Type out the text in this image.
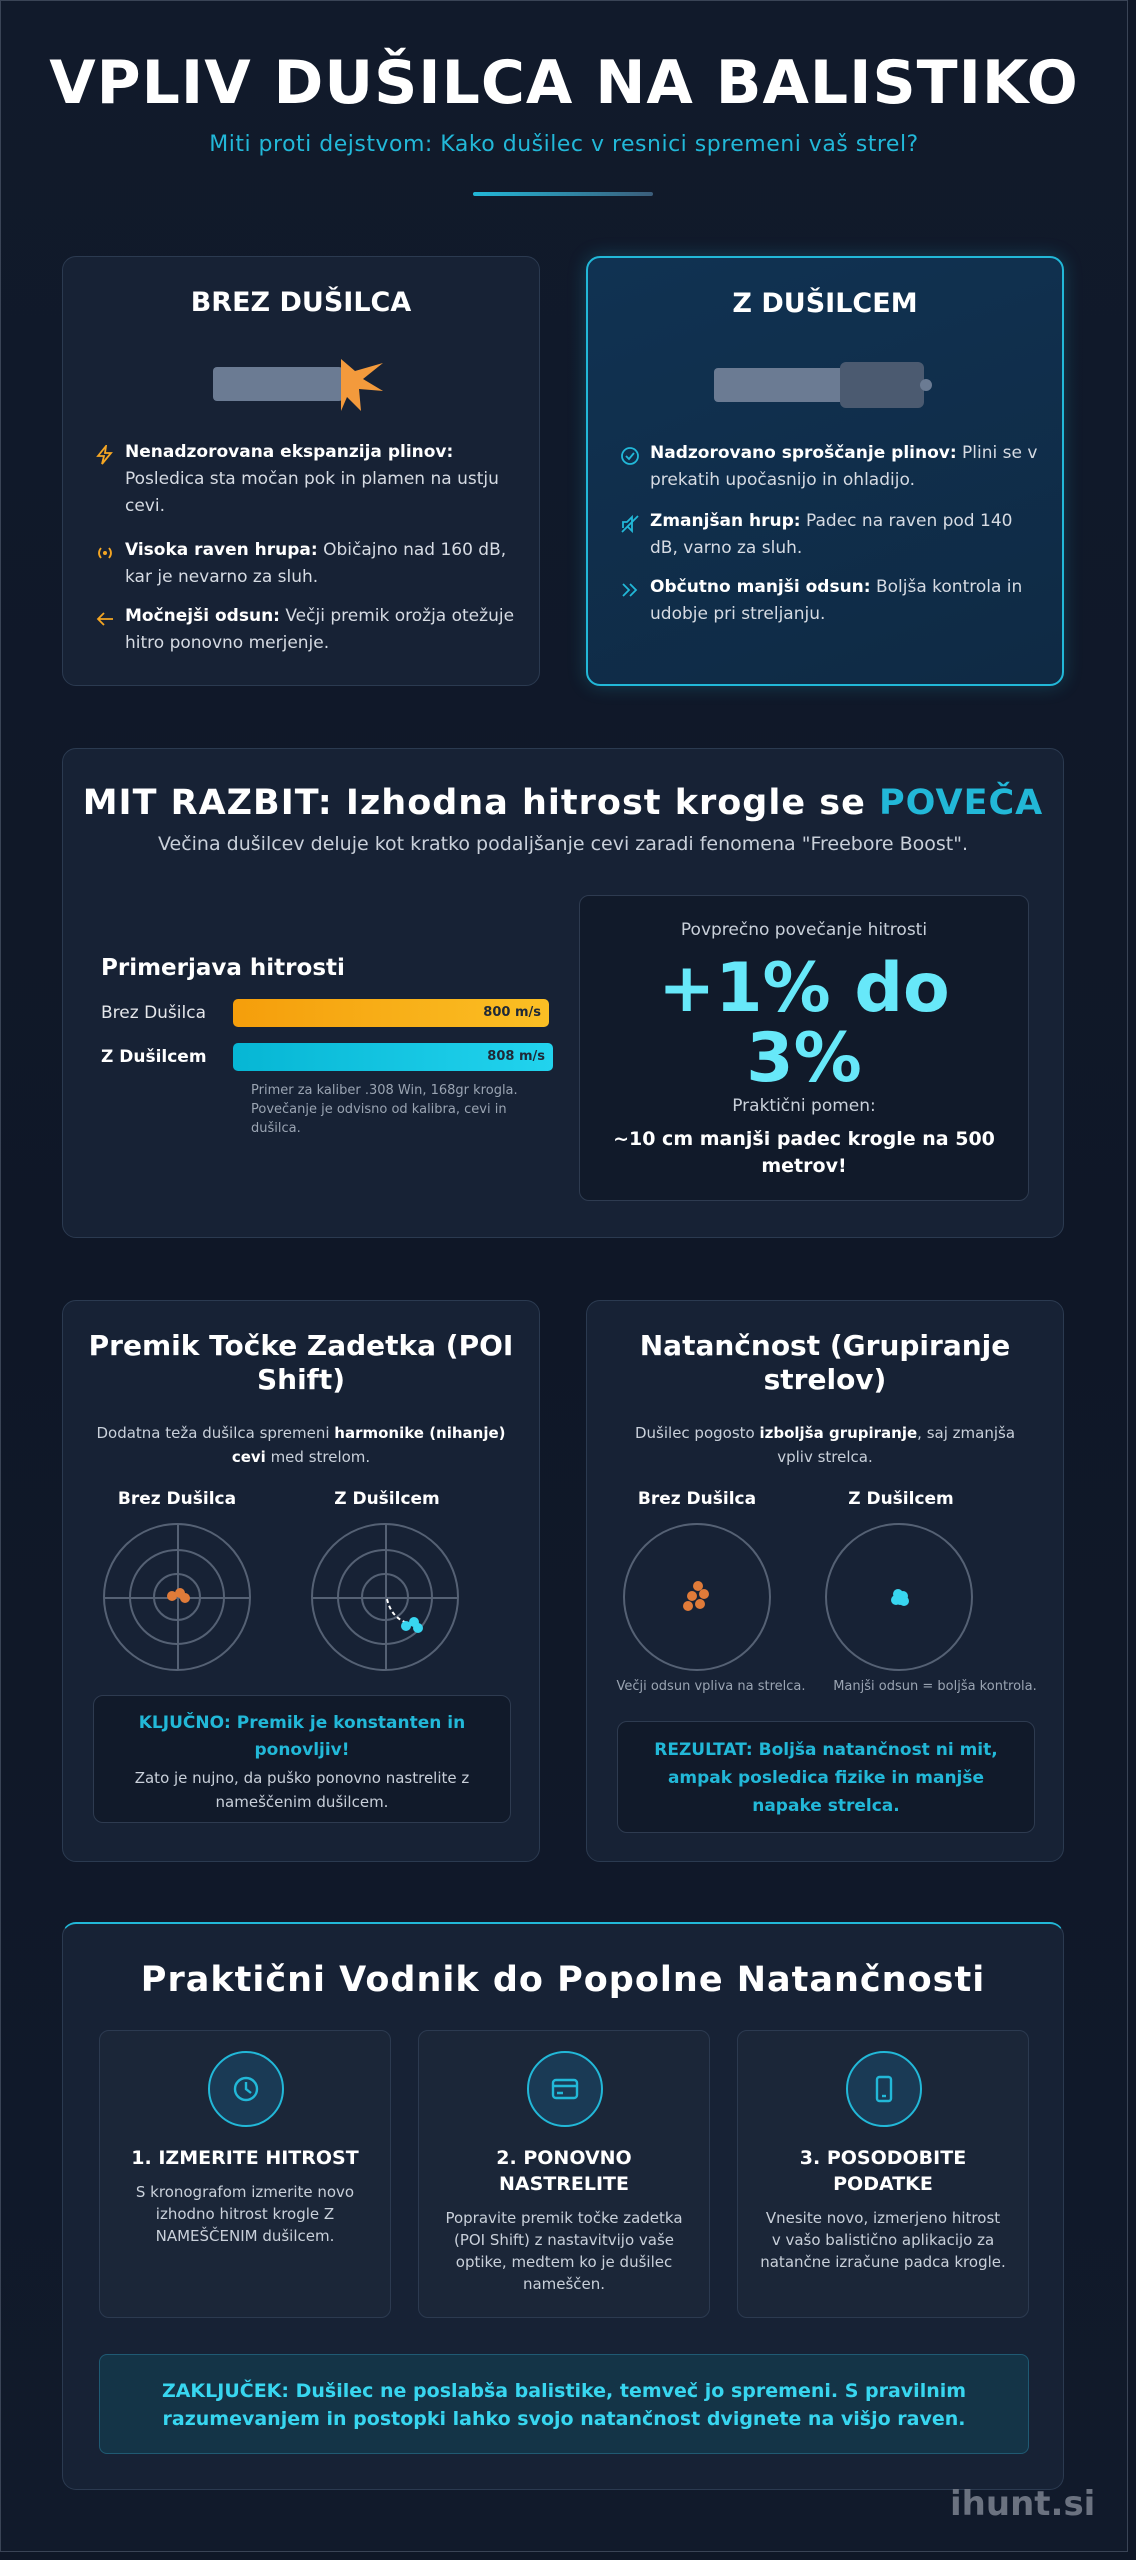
VPLIV DUŠILCA NA BALISTIKO
Miti proti dejstvom: Kako dušilec v resnici spremeni vaš strel?
BREZ DUŠILCA
Nenadzorovana ekspanzija plinov: Posledica sta močan pok in plamen na ustju cevi.
Visoka raven hrupa: Običajno nad 160 dB, kar je nevarno za sluh.
Močnejši odsun: Večji premik orožja otežuje hitro ponovno merjenje.
Z DUŠILCEM
Nadzorovano sproščanje plinov: Plini se v prekatih upočasnijo in ohladijo.
Zmanjšan hrup: Padec na raven pod 140 dB, varno za sluh.
Občutno manjši odsun: Boljša kontrola in udobje pri streljanju.
MIT RAZBIT: Izhodna hitrost krogle se POVEČA
Večina dušilcev deluje kot kratko podaljšanje cevi zaradi fenomena "Freebore Boost".
Primerjava hitrosti
Brez Dušilca	800 m/s
Z Dušilcem	808 m/s
Primer za kaliber .308 Win, 168gr krogla. Povečanje je odvisno od kalibra, cevi in dušilca.
Povprečno povečanje hitrosti
+1% do 3%
Praktični pomen:
~10 cm manjši padec krogle na 500 metrov!
Premik Točke Zadetka (POI Shift)
Dodatna teža dušilca spremeni harmonike (nihanje) cevi med strelom.
Brez Dušilca	Z Dušilcem
KLJUČNO: Premik je konstanten in ponovljiv!
Zato je nujno, da puško ponovno nastrelite z nameščenim dušilcem.
Natančnost (Grupiranje strelov)
Dušilec pogosto izboljša grupiranje, saj zmanjša vpliv strelca.
Brez Dušilca	Z Dušilcem
Večji odsun vpliva na strelca.	Manjši odsun = boljša kontrola.
REZULTAT: Boljša natančnost ni mit, ampak posledica fizike in manjše napake strelca.
Praktični Vodnik do Popolne Natančnosti
1. IZMERITE HITROST
S kronografom izmerite novo izhodno hitrost krogle Z NAMEŠČENIM dušilcem.
2. PONOVNO NASTRELITE
Popravite premik točke zadetka (POI Shift) z nastavitvijo vaše optike, medtem ko je dušilec nameščen.
3. POSODOBITE PODATKE
Vnesite novo, izmerjeno hitrost v vašo balistično aplikacijo za natančne izračune padca krogle.
ZAKLJUČEK: Dušilec ne poslabša balistike, temveč jo spremeni. S pravilnim razumevanjem in postopki lahko svojo natančnost dvignete na višjo raven.
ihunt.si
